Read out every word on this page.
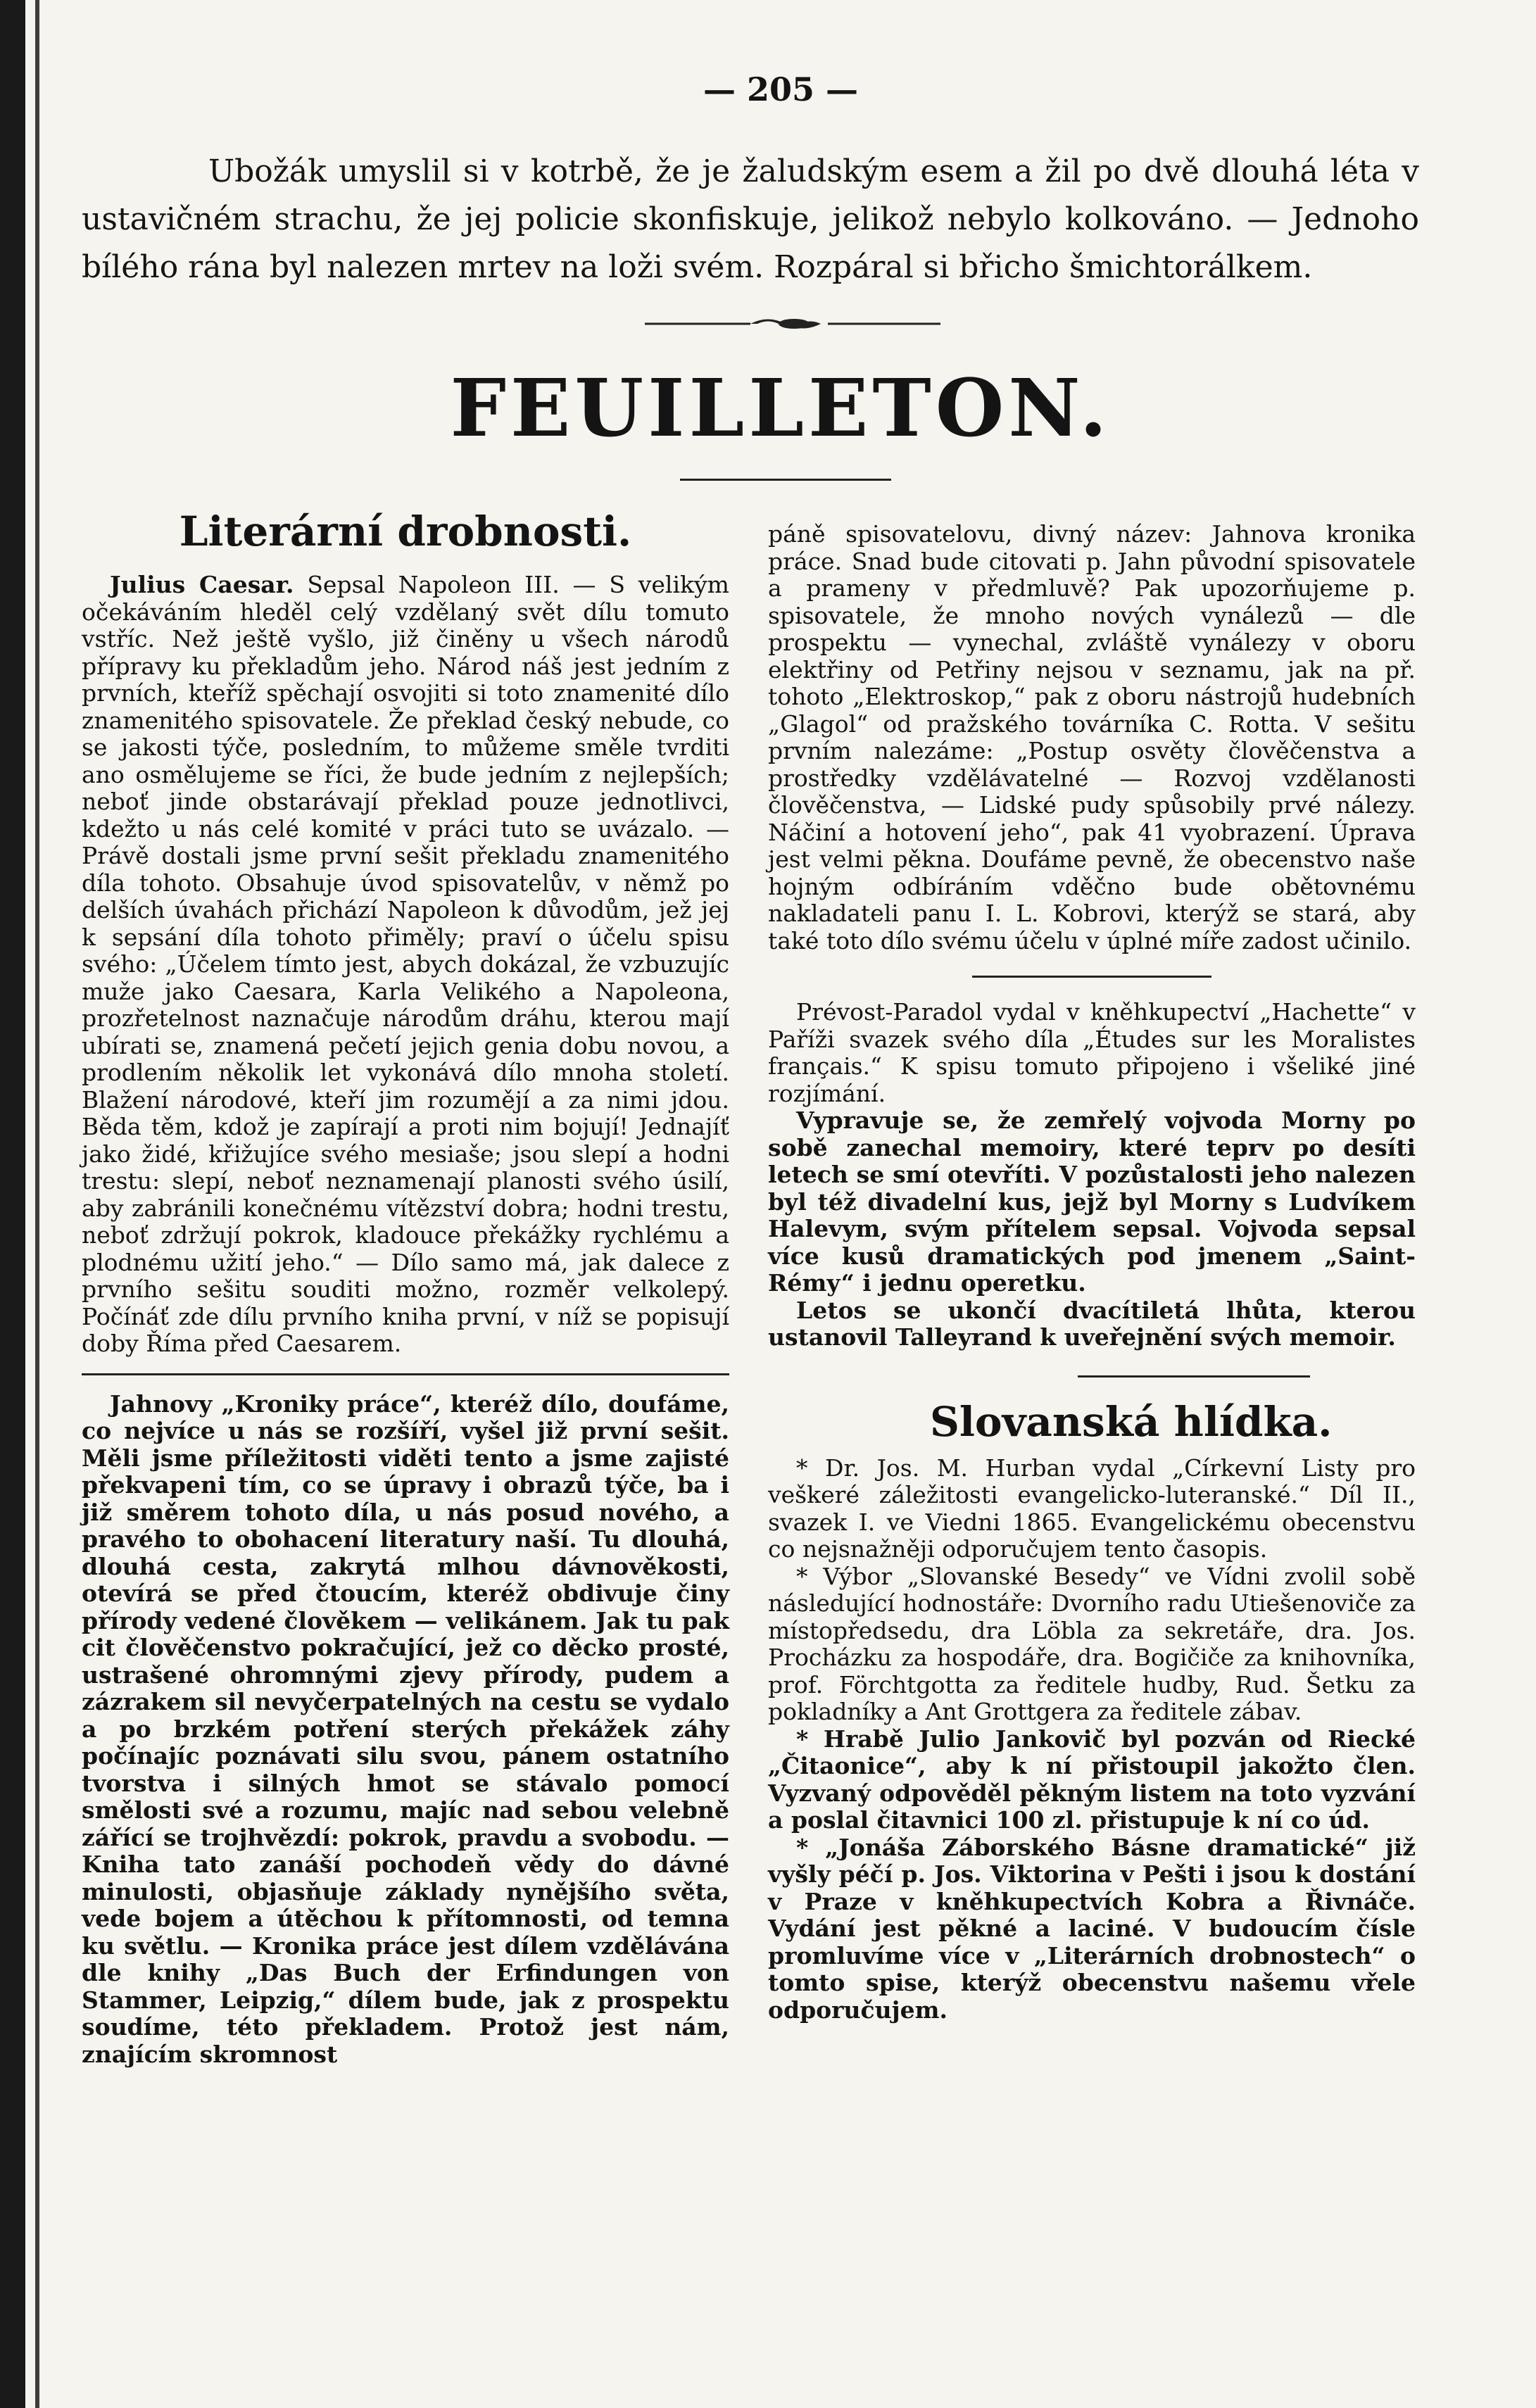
— 205 —

Ubožák umyslil si v kotrbě, že je žaludským esem a žil po dvě dlouhá léta v ustavičném strachu, že jej policie skonfiskuje, jelikož nebylo kolkováno. — Jednoho bílého rána byl nalezen mrtev na loži svém. Rozpáral si břicho šmichtorálkem.

FEUILLETON.
Literární drobnosti.

Julius Caesar. Sepsal Napoleon III. — S velikým očekáváním hleděl celý vzdělaný svět dílu tomuto vstříc. Než ještě vyšlo, již činěny u všech národů přípravy ku překladům jeho. Národ náš jest jedním z prvních, kteříž spěchají osvojiti si toto znamenité dílo znamenitého spisovatele. Že překlad český nebude, co se jakosti týče, posledním, to můžeme směle tvrditi ano osmělujeme se říci, že bude jedním z nejlepších; neboť jinde obstarávají překlad pouze jednotlivci, kdežto u nás celé komité v práci tuto se uvázalo. — Právě dostali jsme první sešit překladu znamenitého díla tohoto. Obsahuje úvod spisovatelův, v němž po delších úvahách přichází Napoleon k důvodům, jež jej k sepsání díla tohoto přiměly; praví o účelu spisu svého: „Účelem tímto jest, abych dokázal, že vzbuzujíc muže jako Caesara, Karla Velikého a Napoleona, prozřetelnost naznačuje národům dráhu, kterou mají ubírati se, znamená pečetí jejich genia dobu novou, a prodlením několik let vykonává dílo mnoha století. Blažení národové, kteří jim rozumějí a za nimi jdou. Běda těm, kdož je zapírají a proti nim bojují! Jednajíť jako židé, křižujíce svého mesiaše; jsou slepí a hodni trestu: slepí, neboť neznamenají planosti svého úsilí, aby zabránili konečnému vítězství dobra; hodni trestu, neboť zdržují pokrok, kladouce překážky rychlému a plodnému užití jeho.“ — Dílo samo má, jak dalece z prvního sešitu souditi možno, rozměr velkolepý. Počínáť zde dílu prvního kniha první, v níž se popisují doby Říma před Caesarem.

Jahnovy „Kroniky práce“, kteréž dílo, doufáme, co nejvíce u nás se rozšíří, vyšel již první sešit. Měli jsme příležitosti viděti tento a jsme zajisté překvapeni tím, co se úpravy i obrazů týče, ba i již směrem tohoto díla, u nás posud nového, a pravého to obohacení literatury naší. Tu dlouhá, dlouhá cesta, zakrytá mlhou dávnověkosti, otevírá se před čtoucím, kteréž obdivuje činy přírody vedené člověkem — velikánem. Jak tu pak cit člověčenstvo pokračující, jež co děcko prosté, ustrašené ohromnými zjevy přírody, pudem a zázrakem sil nevyčerpatelných na cestu se vydalo a po brzkém potření sterých překážek záhy počínajíc poznávati silu svou, pánem ostatního tvorstva i silných hmot se stávalo pomocí smělosti své a rozumu, majíc nad sebou velebně zářící se trojhvězdí: pokrok, pravdu a svobodu. — Kniha tato zanáší pochodeň vědy do dávné minulosti, objasňuje základy nynějšího světa, vede bojem a útěchou k přítomnosti, od temna ku světlu. — Kronika práce jest dílem vzdělávána dle knihy „Das Buch der Erfindungen von Stammer, Leipzig,“ dílem bude, jak z prospektu soudíme, této překladem. Protož jest nám, znajícím skromnost

páně spisovatelovu, divný název: Jahnova kronika práce. Snad bude citovati p. Jahn původní spisovatele a prameny v předmluvě? Pak upozorňujeme p. spisovatele, že mnoho nových vynálezů — dle prospektu — vynechal, zvláště vynálezy v oboru elektřiny od Petřiny nejsou v seznamu, jak na př. tohoto „Elektroskop,“ pak z oboru nástrojů hudebních „Glagol“ od pražského továrníka C. Rotta. V sešitu prvním nalezáme: „Postup osvěty člověčenstva a prostředky vzdělávatelné — Rozvoj vzdělanosti člověčenstva, — Lidské pudy spůsobily prvé nálezy. Náčiní a hotovení jeho“, pak 41 vyobrazení. Úprava jest velmi pěkna. Doufáme pevně, že obecenstvo naše hojným odbíráním vděčno bude obětovnému nakladateli panu I. L. Kobrovi, kterýž se stará, aby také toto dílo svému účelu v úplné míře zadost učinilo.

Prévost-Paradol vydal v kněhkupectví „Hachette“ v Paříži svazek svého díla „Études sur les Moralistes français.“ K spisu tomuto připojeno i všeliké jiné rozjímání.

Vypravuje se, že zemřelý vojvoda Morny po sobě zanechal memoiry, které teprv po desíti letech se smí otevříti. V pozůstalosti jeho nalezen byl též divadelní kus, jejž byl Morny s Ludvíkem Halevym, svým přítelem sepsal. Vojvoda sepsal více kusů dramatických pod jmenem „Saint-Rémy“ i jednu operetku.

Letos se ukončí dvacítiletá lhůta, kterou ustanovil Talleyrand k uveřejnění svých memoir.

Slovanská hlídka.

* Dr. Jos. M. Hurban vydal „Církevní Listy pro veškeré záležitosti evangelicko-luteranské.“ Díl II., svazek I. ve Viedni 1865. Evangelickému obecenstvu co nejsnažněji odporučujem tento časopis.

* Výbor „Slovanské Besedy“ ve Vídni zvolil sobě následující hodnostáře: Dvorního radu Utiešenoviče za místopředsedu, dra Löbla za sekretáře, dra. Jos. Procházku za hospodáře, dra. Bogičiče za knihovníka, prof. Förchtgotta za ředitele hudby, Rud. Šetku za pokladníky a Ant Grottgera za ředitele zábav.

* Hrabě Julio Jankovič byl pozván od Riecké „Čitaonice“, aby k ní přistoupil jakožto člen. Vyzvaný odpověděl pěkným listem na toto vyzvání a poslal čitavnici 100 zl. přistupuje k ní co úd.

* „Jonáša Záborského Básne dramatické“ již vyšly péčí p. Jos. Viktorina v Pešti i jsou k dostání v Praze v kněhkupectvích Kobra a Řivnáče. Vydání jest pěkné a laciné. V budoucím čísle promluvíme více v „Literárních drobnostech“ o tomto spise, kterýž obecenstvu našemu vřele odporučujem.
